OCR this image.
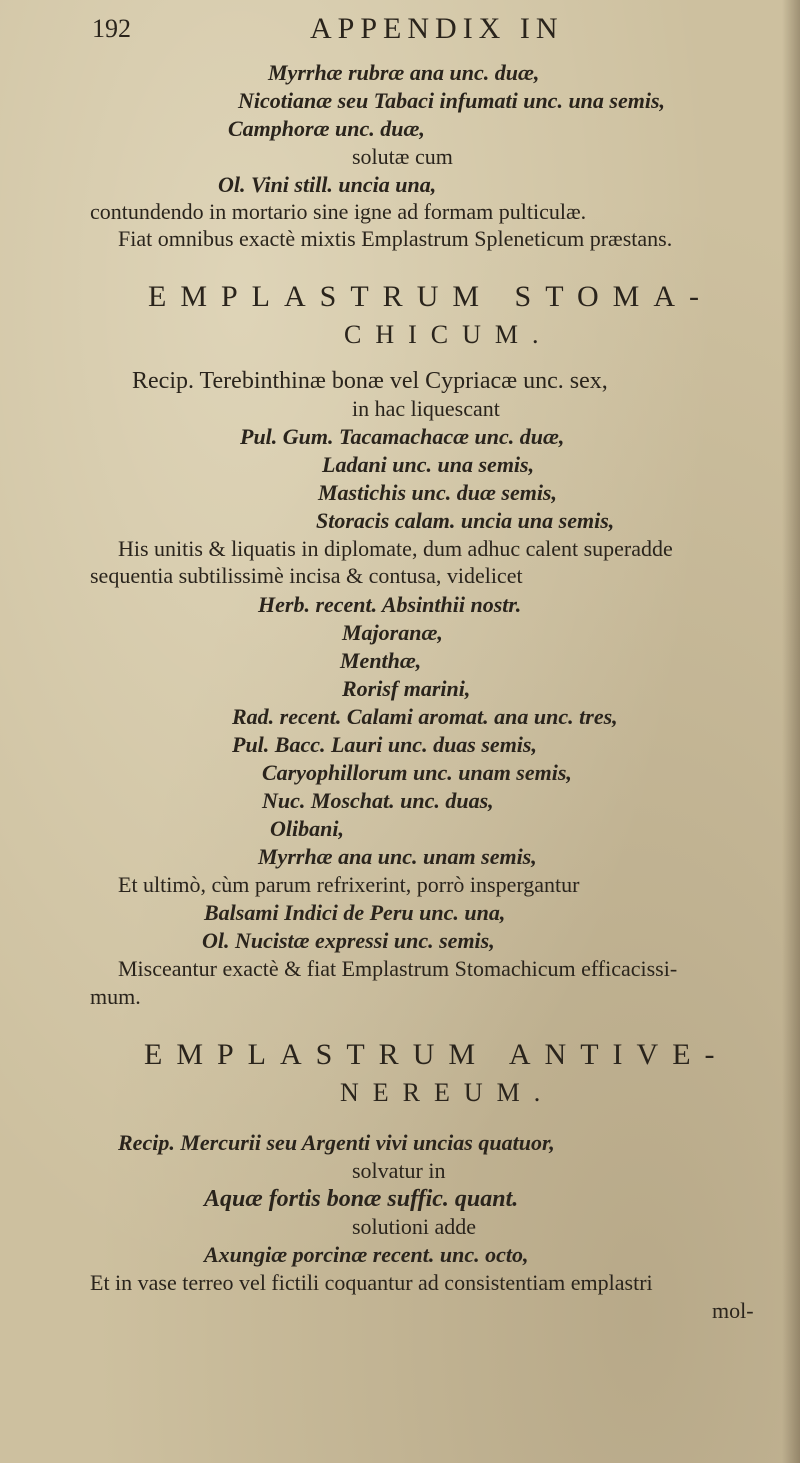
192	APPENDIX IN
Myrrhæ rubræ ana unc. duæ,
Nicotianæ seu Tabaci infumati unc. una semis,
Camphoræ unc. duæ,
solutæ cum
Ol. Vini still. uncia una,
contundendo in mortario sine igne ad formam pulticulæ.
Fiat omnibus exactè mixtis Emplastrum Spleneticum præstans.
EMPLASTRUM STOMA-
CHICUM.
Recip. Terebinthinæ bonæ vel Cypriacæ unc. sex,
in hac liquescant
Pul. Gum. Tacamachacæ unc. duæ,
Ladani unc. una semis,
Mastichis unc. duæ semis,
Storacis calam. uncia una semis,
His unitis & liquatis in diplomate, dum adhuc calent superadde
sequentia subtilissimè incisa & contusa, videlicet
Herb. recent. Absinthii nostr.
Majoranæ,
Menthæ,
Rorisf marini,
Rad. recent. Calami aromat. ana unc. tres,
Pul. Bacc. Lauri unc. duas semis,
Caryophillorum unc. unam semis,
Nuc. Moschat. unc. duas,
Olibani,
Myrrhæ ana unc. unam semis,
Et ultimò, cùm parum refrixerint, porrò inspergantur
Balsami Indici de Peru unc. una,
Ol. Nucistæ expressi unc. semis,
Misceantur exactè & fiat Emplastrum Stomachicum efficacissi-
mum.
EMPLASTRUM ANTIVE-
NEREUM.
Recip. Mercurii seu Argenti vivi uncias quatuor,
solvatur in
Aquæ fortis bonæ suffic. quant.
solutioni adde
Axungiæ porcinæ recent. unc. octo,
Et in vase terreo vel fictili coquantur ad consistentiam emplastri
mol-
